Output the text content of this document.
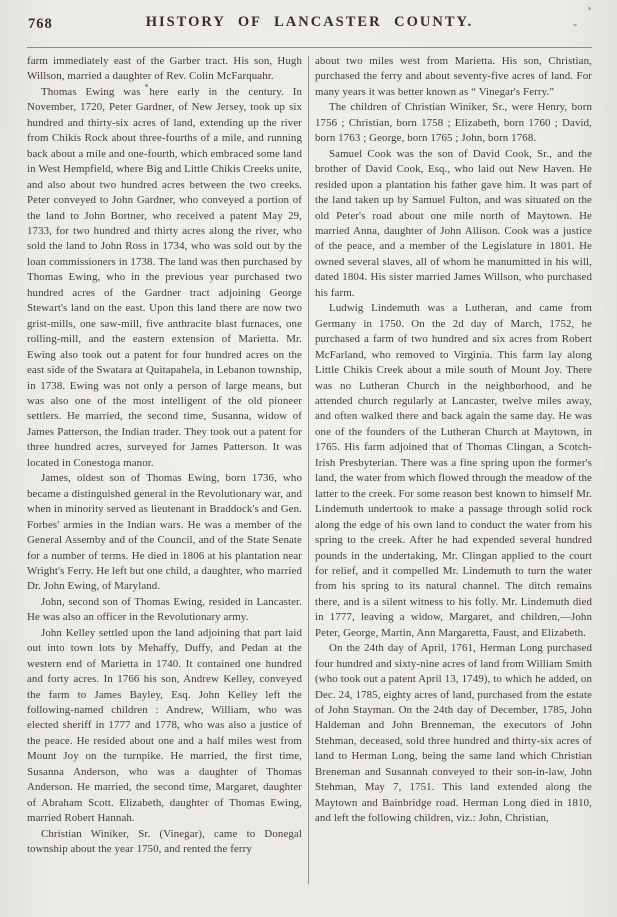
768	HISTORY OF LANCASTER COUNTY.

farm immediately east of the Garber tract. His son, Hugh Willson, married a daughter of Rev. Colin McFarquahr.

Thomas Ewing was here early in the century. In November, 1720, Peter Gardner, of New Jersey, took up six hundred and thirty-six acres of land, extending up the river from Chikis Rock about three-fourths of a mile, and running back about a mile and one-fourth, which embraced some land in West Hempfield, where Big and Little Chikis Creeks unite, and also about two hundred acres between the two creeks. Peter conveyed to John Gardner, who conveyed a portion of the land to John Bortner, who received a patent May 29, 1733, for two hundred and thirty acres along the river, who sold the land to John Ross in 1734, who was sold out by the loan commissioners in 1738. The land was then purchased by Thomas Ewing, who in the previous year purchased two hundred acres of the Gardner tract adjoining George Stewart's land on the east. Upon this land there are now two grist-mills, one saw-mill, five anthracite blast furnaces, one rolling-mill, and the eastern extension of Marietta. Mr. Ewing also took out a patent for four hundred acres on the east side of the Swatara at Quitapahela, in Lebanon township, in 1738. Ewing was not only a person of large means, but was also one of the most intelligent of the old pioneer settlers. He married, the second time, Susanna, widow of James Patterson, the Indian trader. They took out a patent for three hundred acres, surveyed for James Patterson. It was located in Conestoga manor.

James, oldest son of Thomas Ewing, born 1736, who became a distinguished general in the Revolutionary war, and when in minority served as lieutenant in Braddock's and Gen. Forbes' armies in the Indian wars. He was a member of the General Assemby and of the Council, and of the State Senate for a number of terms. He died in 1806 at his plantation near Wright's Ferry. He left but one child, a daughter, who married Dr. John Ewing, of Maryland.

John, second son of Thomas Ewing, resided in Lancaster. He was also an officer in the Revolutionary army.

John Kelley settled upon the land adjoining that part laid out into town lots by Mehaffy, Duffy, and Pedan at the western end of Marietta in 1740. It contained one hundred and forty acres. In 1766 his son, Andrew Kelley, conveyed the farm to James Bayley, Esq. John Kelley left the following-named children : Andrew, William, who was elected sheriff in 1777 and 1778, who was also a justice of the peace. He resided about one and a half miles west from Mount Joy on the turnpike. He married, the first time, Susanna Anderson, who was a daughter of Thomas Anderson. He married, the second time, Margaret, daughter of Abraham Scott. Elizabeth, daughter of Thomas Ewing, married Robert Hannah.

Christian Winiker, Sr. (Vinegar), came to Donegal township about the year 1750, and rented the ferry

about two miles west from Marietta. His son, Christian, purchased the ferry and about seventy-five acres of land. For many years it was better known as “ Vinegar's Ferry.”

The children of Christian Winiker, Sr., were Henry, born 1756 ; Christian, born 1758 ; Elizabeth, born 1760 ; David, born 1763 ; George, born 1765 ; John, born 1768.

Samuel Cook was the son of David Cook, Sr., and the brother of David Cook, Esq., who laid out New Haven. He resided upon a plantation his father gave him. It was part of the land taken up by Samuel Fulton, and was situated on the old Peter's road about one mile north of Maytown. He married Anna, daughter of John Allison. Cook was a justice of the peace, and a member of the Legislature in 1801. He owned several slaves, all of whom he manumitted in his will, dated 1804. His sister married James Willson, who purchased his farm.

Ludwig Lindemuth was a Lutheran, and came from Germany in 1750. On the 2d day of March, 1752, he purchased a farm of two hundred and six acres from Robert McFarland, who removed to Virginia. This farm lay along Little Chikis Creek about a mile south of Mount Joy. There was no Lutheran Church in the neighborhood, and he attended church regularly at Lancaster, twelve miles away, and often walked there and back again the same day. He was one of the founders of the Lutheran Church at Maytown, in 1765. His farm adjoined that of Thomas Clingan, a Scotch-Irish Presbyterian. There was a fine spring upon the former's land, the water from which flowed through the meadow of the latter to the creek. For some reason best known to himself Mr. Lindemuth undertook to make a passage through solid rock along the edge of his own land to conduct the water from his spring to the creek. After he had expended several hundred pounds in the undertaking, Mr. Clingan applied to the court for relief, and it compelled Mr. Lindemuth to turn the water from his spring to its natural channel. The ditch remains there, and is a silent witness to his folly. Mr. Lindemuth died in 1777, leaving a widow, Margaret, and children,—John Peter, George, Martin, Ann Margaretta, Faust, and Elizabeth.

On the 24th day of April, 1761, Herman Long purchased four hundred and sixty-nine acres of land from William Smith (who took out a patent April 13, 1749), to which he added, on Dec. 24, 1785, eighty acres of land, purchased from the estate of John Stayman. On the 24th day of December, 1785, John Haldeman and John Brenneman, the executors of John Stehman, deceased, sold three hundred and thirty-six acres of land to Herman Long, being the same land which Christian Breneman and Susannah conveyed to their son-in-law, John Stehman, May 7, 1751. This land extended along the Maytown and Bainbridge road. Herman Long died in 1810, and left the following children, viz.: John, Christian,
